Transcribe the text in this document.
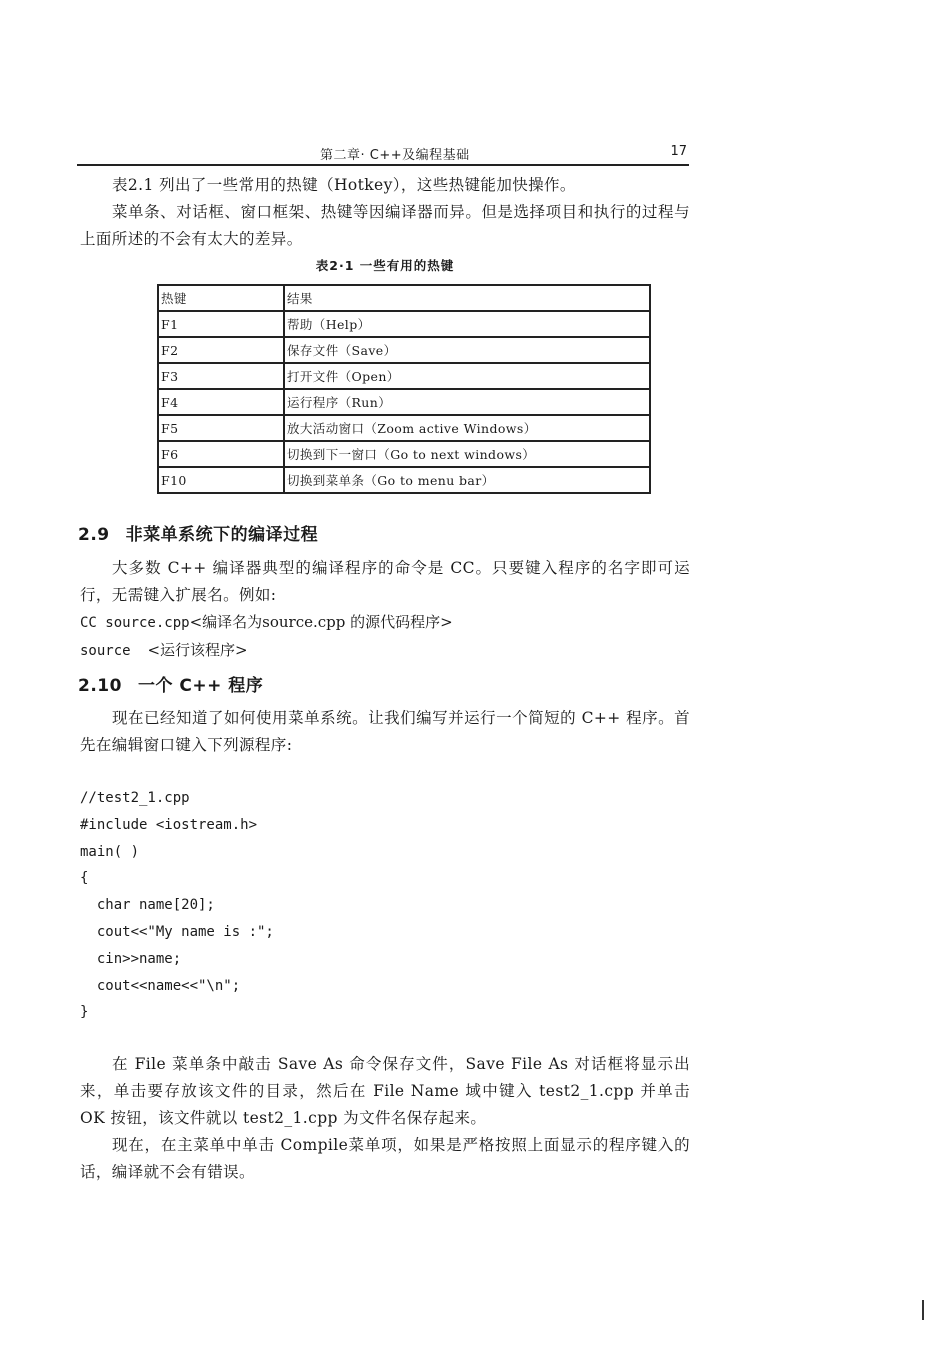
第二章· C++及编程基础	17

表2.1 列出了一些常用的热键（Hotkey），这些热键能加快操作。

菜单条、对话框、窗口框架、热键等因编译器而异。但是选择项目和执行的过程与上面所述的不会有太大的差异。

表2·1 一些有用的热键
热键	结果
F1	帮助（Help）
F2	保存文件（Save）
F3	打开文件（Open）
F4	运行程序（Run）
F5	放大活动窗口（Zoom active Windows）
F6	切换到下一窗口（Go to next windows）
F10	切换到菜单条（Go to menu bar）
2.9 非菜单系统下的编译过程

大多数 C++ 编译器典型的编译程序的命令是 CC。只要键入程序的名字即可运行，无需键入扩展名。例如:

CC source.cpp<编译名为source.cpp 的源代码程序>
source  <运行该程序>
2.10 一个 C++ 程序

现在已经知道了如何使用菜单系统。让我们编写并运行一个简短的 C++ 程序。首先在编辑窗口键入下列源程序:

//test2_1.cpp
#include <iostream.h>
main( )
{
char name[20];
cout<<"My name is :";
cin>>name;
cout<<name<<"\n";
}

在 File 菜单条中敲击 Save As 命令保存文件，Save File As 对话框将显示出来，单击要存放该文件的目录，然后在 File Name 域中键入 test2_1.cpp 并单击 OK 按钮，该文件就以 test2_1.cpp 为文件名保存起来。

现在，在主菜单中单击 Compile菜单项，如果是严格按照上面显示的程序键入的话，编译就不会有错误。
